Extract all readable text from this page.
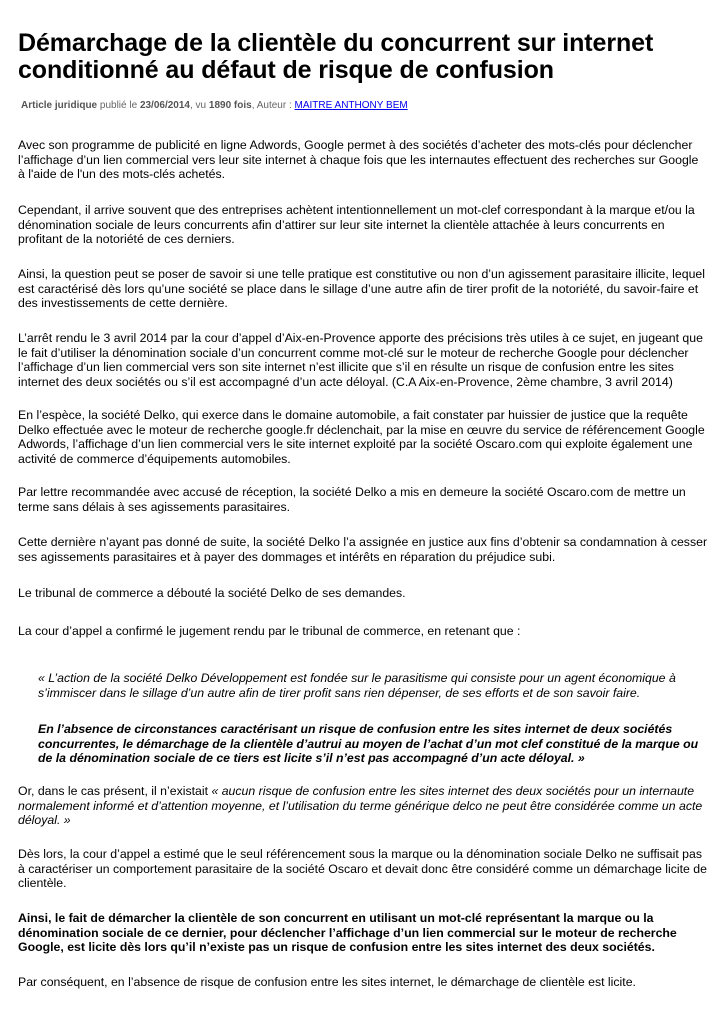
Démarchage de la clientèle du concurrent sur internet conditionné au défaut de risque de confusion
Article juridique publié le 23/06/2014, vu 1890 fois, Auteur : MAITRE ANTHONY BEM

Avec son programme de publicité en ligne Adwords, Google permet à des sociétés d’acheter des mots-clés pour déclencher l’affichage d’un lien commercial vers leur site internet à chaque fois que les internautes effectuent des recherches sur Google à l'aide de l'un des mots-clés achetés.

Cependant, il arrive souvent que des entreprises achètent intentionnellement un mot-clef correspondant à la marque et/ou la dénomination sociale de leurs concurrents afin d’attirer sur leur site internet la clientèle attachée à leurs concurrents en profitant de la notoriété de ces derniers.

Ainsi, la question peut se poser de savoir si une telle pratique est constitutive ou non d’un agissement parasitaire illicite, lequel est caractérisé dès lors qu’une société se place dans le sillage d’une autre afin de tirer profit de la notoriété, du savoir-faire et des investissements de cette dernière.

L’arrêt rendu le 3 avril 2014 par la cour d’appel d’Aix-en-Provence apporte des précisions très utiles à ce sujet, en jugeant que le fait d’utiliser la dénomination sociale d’un concurrent comme mot-clé sur le moteur de recherche Google pour déclencher l’affichage d’un lien commercial vers son site internet n’est illicite que s’il en résulte un risque de confusion entre les sites internet des deux sociétés ou s’il est accompagné d’un acte déloyal. (C.A Aix-en-Provence, 2ème chambre, 3 avril 2014)

En l’espèce, la société Delko, qui exerce dans le domaine automobile, a fait constater par huissier de justice que la requête Delko effectuée avec le moteur de recherche google.fr déclenchait, par la mise en œuvre du service de référencement Google Adwords, l’affichage d’un lien commercial vers le site internet exploité par la société Oscaro.com qui exploite également une activité de commerce d’équipements automobiles.

Par lettre recommandée avec accusé de réception, la société Delko a mis en demeure la société Oscaro.com de mettre un terme sans délais à ses agissements parasitaires.

Cette dernière n’ayant pas donné de suite, la société Delko l’a assignée en justice aux fins d’obtenir sa condamnation à cesser ses agissements parasitaires et à payer des dommages et intérêts en réparation du préjudice subi.

Le tribunal de commerce a débouté la société Delko de ses demandes.

La cour d’appel a confirmé le jugement rendu par le tribunal de commerce, en retenant que :

« L’action de la société Delko Développement est fondée sur le parasitisme qui consiste pour un agent économique à s’immiscer dans le sillage d’un autre afin de tirer profit sans rien dépenser, de ses efforts et de son savoir faire.

En l’absence de circonstances caractérisant un risque de confusion entre les sites internet de deux sociétés concurrentes, le démarchage de la clientèle d’autrui au moyen de l’achat d’un mot clef constitué de la marque ou de la dénomination sociale de ce tiers est licite s’il n’est pas accompagné d’un acte déloyal. »

Or, dans le cas présent, il n’existait « aucun risque de confusion entre les sites internet des deux sociétés pour un internaute normalement informé et d’attention moyenne, et l’utilisation du terme générique delco ne peut être considérée comme un acte déloyal. »

Dès lors, la cour d’appel a estimé que le seul référencement sous la marque ou la dénomination sociale Delko ne suffisait pas à caractériser un comportement parasitaire de la société Oscaro et devait donc être considéré comme un démarchage licite de clientèle.

Ainsi, le fait de démarcher la clientèle de son concurrent en utilisant un mot-clé représentant la marque ou la dénomination sociale de ce dernier, pour déclencher l’affichage d’un lien commercial sur le moteur de recherche Google, est licite dès lors qu’il n’existe pas un risque de confusion entre les sites internet des deux sociétés.

Par conséquent, en l’absence de risque de confusion entre les sites internet, le démarchage de clientèle est licite.
